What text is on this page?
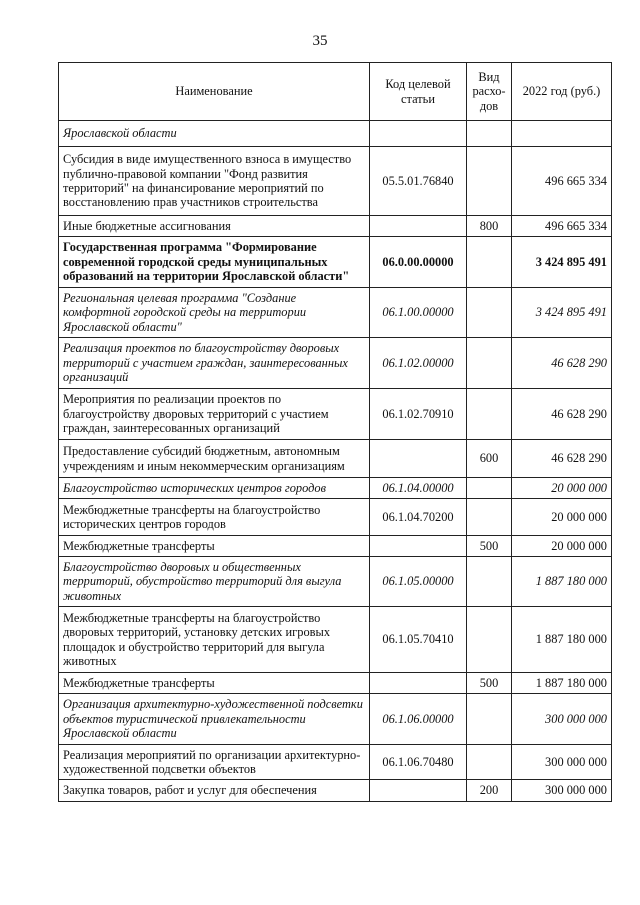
35
Наименование	Код целевой статьи	Вид расхо-дов	2022 год (руб.)
Ярославской области			
Субсидия в виде имущественного взноса в имущество публично-правовой компании "Фонд развития территорий" на финансирование мероприятий по восстановлению прав участников строительства	05.5.01.76840		496 665 334
Иные бюджетные ассигнования		800	496 665 334
Государственная программа "Формирование современной городской среды муниципальных образований на территории Ярославской области"	06.0.00.00000		3 424 895 491
Региональная целевая программа "Создание комфортной городской среды на территории Ярославской области"	06.1.00.00000		3 424 895 491
Реализация проектов по благоустройству дворовых территорий с участием граждан, заинтересованных организаций	06.1.02.00000		46 628 290
Мероприятия по реализации проектов по благоустройству дворовых территорий с участием граждан, заинтересованных организаций	06.1.02.70910		46 628 290
Предоставление субсидий бюджетным, автономным учреждениям и иным некоммерческим организациям		600	46 628 290
Благоустройство исторических центров городов	06.1.04.00000		20 000 000
Межбюджетные трансферты на благоустройство исторических центров городов	06.1.04.70200		20 000 000
Межбюджетные трансферты		500	20 000 000
Благоустройство дворовых и общественных территорий, обустройство территорий для выгула животных	06.1.05.00000		1 887 180 000
Межбюджетные трансферты на благоустройство дворовых территорий, установку детских игровых площадок и обустройство территорий для выгула животных	06.1.05.70410		1 887 180 000
Межбюджетные трансферты		500	1 887 180 000
Организация архитектурно-художественной подсветки объектов туристической привлекательности Ярославской области	06.1.06.00000		300 000 000
Реализация мероприятий по организации архитектурно-художественной подсветки объектов	06.1.06.70480		300 000 000
Закупка товаров, работ и услуг для обеспечения		200	300 000 000
